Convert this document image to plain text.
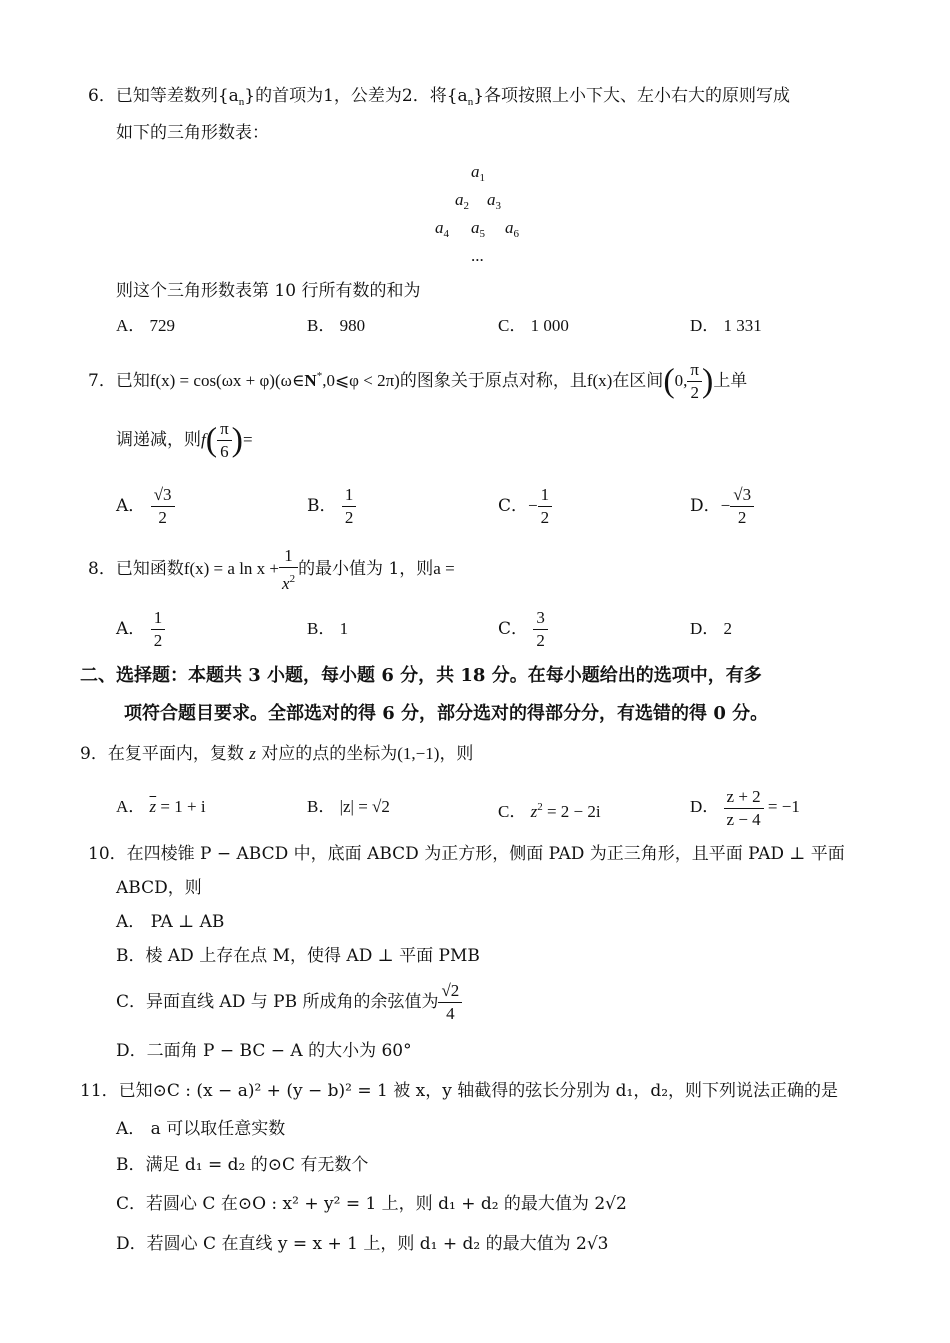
6．已知等差数列$\{a_n\}$的首项为1，公差为2．将$\{a_n\}$各项按照上小下大、左小右大的原则写成
如下的三角形数表：
$a_1$
$a_2$ $a_3$
$a_4$ $a_5$ $a_6$
...
则这个三角形数表第 10 行所有数的和为
A． 729	B． 980	C． 1 000	D． 1 331
7．已知f(x) = cos(ωx + φ)(ω∈N*,0⩽φ < 2π)的图象关于原点对称，且f(x)在区间(0, $\frac{\pi}{2}$ )上单
调递减，则$f( \frac{\pi}{6}$ )=
A． $\frac{√3}{2}$	B． $\frac{1}{2}$	C．− $\frac{1}{2}$	D．− $\frac{√3}{2}$
8．已知函数f(x) = a $\ln x + \frac{1}{x^2}$ 的最小值为 1，则a =
A． $\frac{1}{2}$	B． 1	C． $\frac{3}{2}$	D． 2
二、选择题：本题共 3 小题，每小题 6 分，共 18 分。在每小题给出的选项中，有多
项符合题目要求。全部选对的得 6 分，部分选对的得部分分，有选错的得 0 分。
9．在复平面内，复数 z 对应的点的坐标为(1,−1)，则
A． $\overline{z} = 1 + i$	B． |z| = √2	C． $z^2 = 2 - 2i$	D． $\frac{z + 2}{z - 4} = -1$
10．在四棱锥 P − ABCD 中，底面 ABCD 为正方形，侧面 PAD 为正三角形，且平面 PAD ⊥ 平面
ABCD，则
A． PA ⊥ AB
B．棱 AD 上存在点 M，使得 AD ⊥ 平面 PMB
C．异面直线 AD 与 PB 所成角的余弦值为 $\frac{√2}{4}$
D．二面角 P − BC − A 的大小为 60°
11．已知⊙C : (x − a)² + (y − b)² = 1 被 x，y 轴截得的弦长分别为 d₁，d₂，则下列说法正确的是
A． a 可以取任意实数
B．满足 d₁ = d₂ 的⊙C 有无数个
C．若圆心 C 在⊙O : x² + y² = 1 上，则 d₁ + d₂ 的最大值为 2√2
D．若圆心 C 在直线 y = x + 1 上，则 d₁ + d₂ 的最大值为 2√3
